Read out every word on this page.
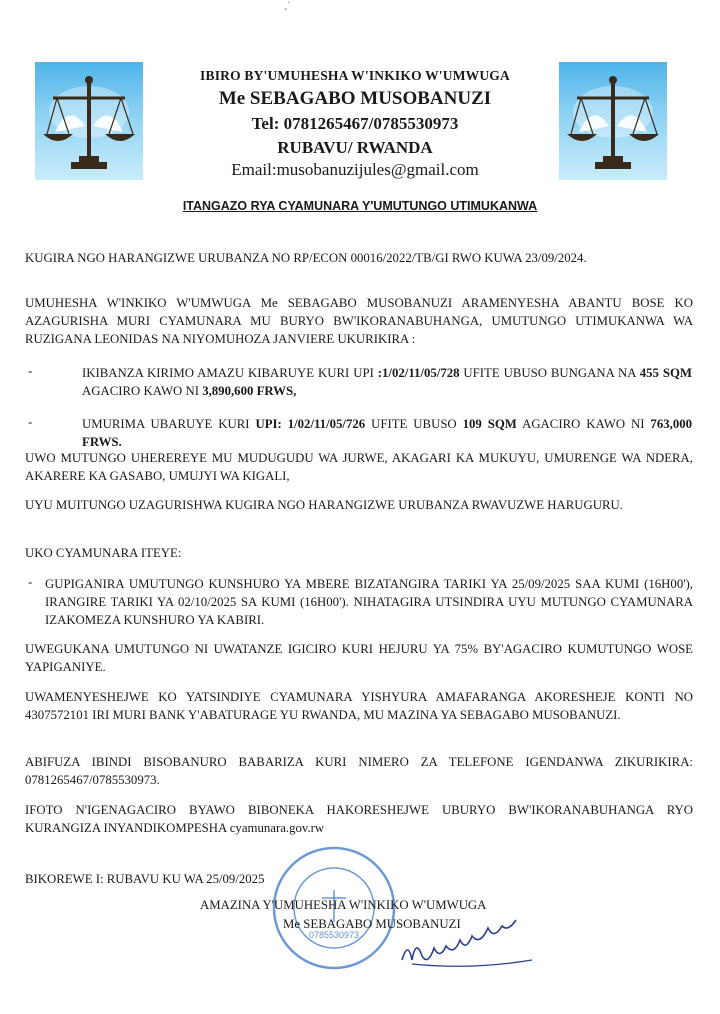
-’
IBIRO BY'UMUHESHA W'INKIKO W'UMWUGA
Me SEBAGABO MUSOBANUZI
Tel: 0781265467/0785530973
RUBAVU/ RWANDA
Email:musobanuzijules@gmail.com
ITANGAZO RYA CYAMUNARA Y'UMUTUNGO UTIMUKANWA
KUGIRA NGO HARANGIZWE URUBANZA NO RP/ECON 00016/2022/TB/GI RWO KUWA 23/09/2024.
UMUHESHA W'INKIKO W'UMWUGA Me SEBAGABO MUSOBANUZI ARAMENYESHA ABANTU BOSE KO AZAGURISHA MURI CYAMUNARA MU BURYO BW'IKORANABUHANGA, UMUTUNGO UTIMUKANWA WA RUZIGANA LEONIDAS NA NIYOMUHOZA JANVIERE UKURIKIRA :
-	IKIBANZA KIRIMO AMAZU KIBARUYE KURI UPI :1/02/11/05/728 UFITE UBUSO BUNGANA NA 455 SQM AGACIRO KAWO NI 3,890,600 FRWS,
-	UMURIMA UBARUYE KURI UPI: 1/02/11/05/726 UFITE UBUSO 109 SQM AGACIRO KAWO NI 763,000 FRWS.
UWO MUTUNGO UHEREREYE MU MUDUGUDU WA JURWE, AKAGARI KA MUKUYU, UMURENGE WA NDERA, AKARERE KA GASABO, UMUJYI WA KIGALI,
UYU MUITUNGO UZAGURISHWA KUGIRA NGO HARANGIZWE URUBANZA RWAVUZWE HARUGURU.
UKO CYAMUNARA ITEYE:
- GUPIGANIRA UMUTUNGO KUNSHURO YA MBERE BIZATANGIRA TARIKI YA 25/09/2025 SAA KUMI (16H00'), IRANGIRE TARIKI YA 02/10/2025 SA KUMI (16H00'). NIHATAGIRA UTSINDIRA UYU MUTUNGO CYAMUNARA IZAKOMEZA KUNSHURO YA KABIRI.
UWEGUKANA UMUTUNGO NI UWATANZE IGICIRO KURI HEJURU YA 75% BY'AGACIRO KUMUTUNGO WOSE YAPIGANIYE.
UWAMENYESHEJWE KO YATSINDIYE CYAMUNARA YISHYURA AMAFARANGA AKORESHEJE KONTI NO 4307572101 IRI MURI BANK Y'ABATURAGE YU RWANDA, MU MAZINA YA SEBAGABO MUSOBANUZI.
ABIFUZA IBINDI BISOBANURO BABARIZA KURI NIMERO ZA TELEFONE IGENDANWA ZIKURIKIRA: 0781265467/0785530973.
IFOTO N'IGENAGACIRO BYAWO BIBONEKA HAKORESHEJWE UBURYO BW'IKORANABUHANGA RYO KURANGIZA INYANDIKOMPESHA cyamunara.gov.rw
BIKOREWE I: RUBAVU KU WA 25/09/2025
0785530973
AMAZINA Y'UMUHESHA W'INKIKO W'UMWUGA
Me SEBAGABO MUSOBANUZI
